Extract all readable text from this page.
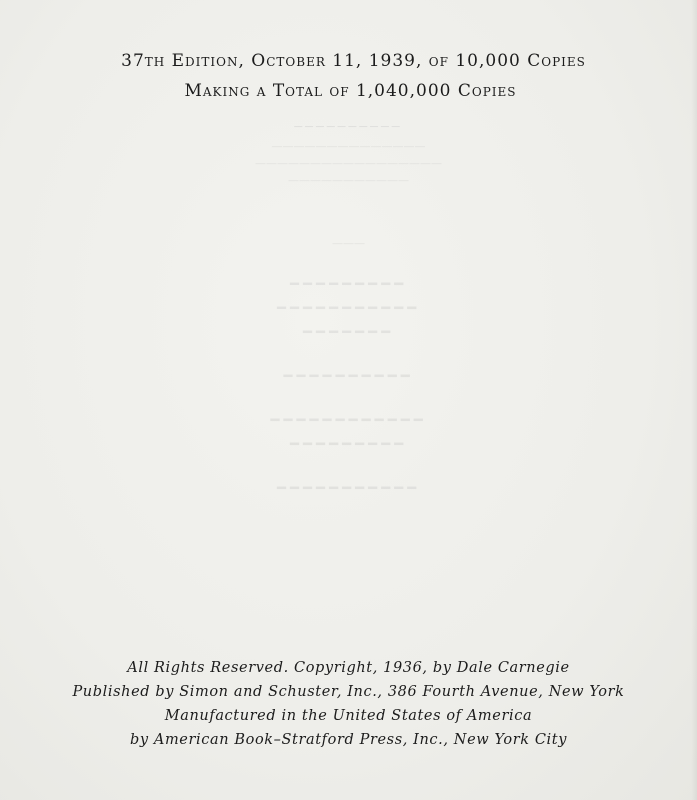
37th Edition, October 11, 1939, of 10,000 Copies
Making a Total of 1,040,000 Copies
──────────
——————————————
—————————————————
———————————
———
━━━━━━━━━
━━━━━━━━━━━
━━━━━━━
━━━━━━━━━━
━━━━━━━━━━━━
━━━━━━━━━
━━━━━━━━━━━
All Rights Reserved. Copyright, 1936, by Dale Carnegie
Published by Simon and Schuster, Inc., 386 Fourth Avenue, New York
Manufactured in the United States of America
by American Book–Stratford Press, Inc., New York City
